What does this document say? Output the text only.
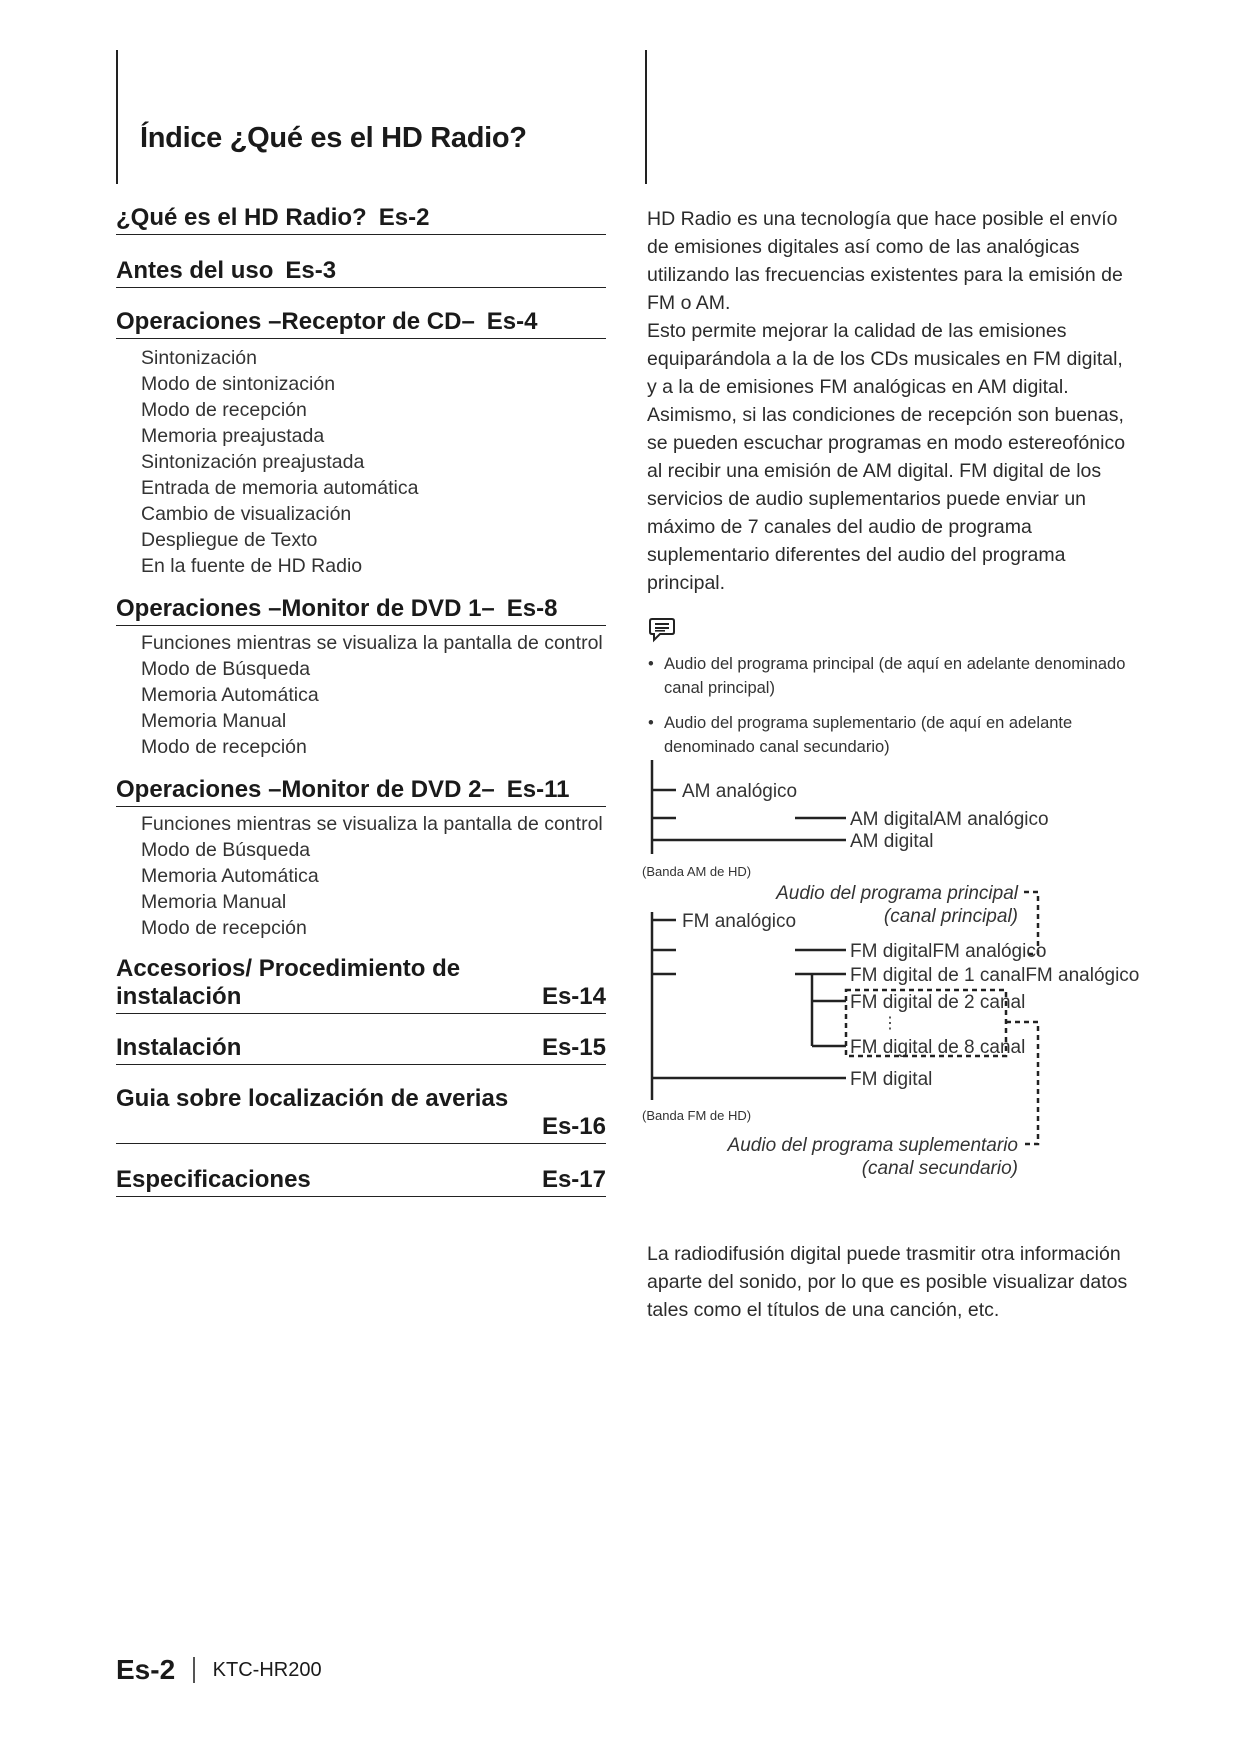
Índice ¿Qué es el HD Radio?
¿Qué es el HD Radio? Es-2
Antes del uso Es-3
Operaciones –Receptor de CD– Es-4
Sintonización
Modo de sintonización
Modo de recepción
Memoria preajustada
Sintonización preajustada
Entrada de memoria automática
Cambio de visualización
Despliegue de Texto
En la fuente de HD Radio
Operaciones –Monitor de DVD 1– Es-8
Funciones mientras se visualiza la pantalla de control
Modo de Búsqueda
Memoria Automática
Memoria Manual
Modo de recepción
Operaciones –Monitor de DVD 2– Es-11
Funciones mientras se visualiza la pantalla de control
Modo de Búsqueda
Memoria Automática
Memoria Manual
Modo de recepción
Accesorios/ Procedimiento de
instalación	Es-14
Instalación	Es-15
Guia sobre localización de averias
Es-16
Especificaciones	Es-17

HD Radio es una tecnología que hace posible el envío de emisiones digitales así como de las analógicas utilizando las frecuencias existentes para la emisión de FM o AM.

Esto permite mejorar la calidad de las emisiones equiparándola a la de los CDs musicales en FM digital, y a la de emisiones FM analógicas en AM digital. Asimismo, si las condiciones de recepción son buenas, se pueden escuchar programas en modo estereofónico al recibir una emisión de AM digital. FM digital de los servicios de audio suplementarios puede enviar un máximo de 7 canales del audio de programa suplementario diferentes del audio del programa principal.

• Audio del programa principal (de aquí en adelante denominado canal principal)
• Audio del programa suplementario (de aquí en adelante denominado canal secundario)
AM analógico
AM digitalAM analógico
AM digital
(Banda AM de HD)
Audio del programa principal
(canal principal)
FM analógico
FM digitalFM analógico
FM digital de 1 canalFM analógico
FM digital de 2 canal
⋮
FM digital de 8 canal
FM digital
(Banda FM de HD)
Audio del programa suplementario
(canal secundario)
La radiodifusión digital puede trasmitir otra información aparte del sonido, por lo que es posible visualizar datos tales como el títulos de una canción, etc.
Es-2 KTC-HR200
